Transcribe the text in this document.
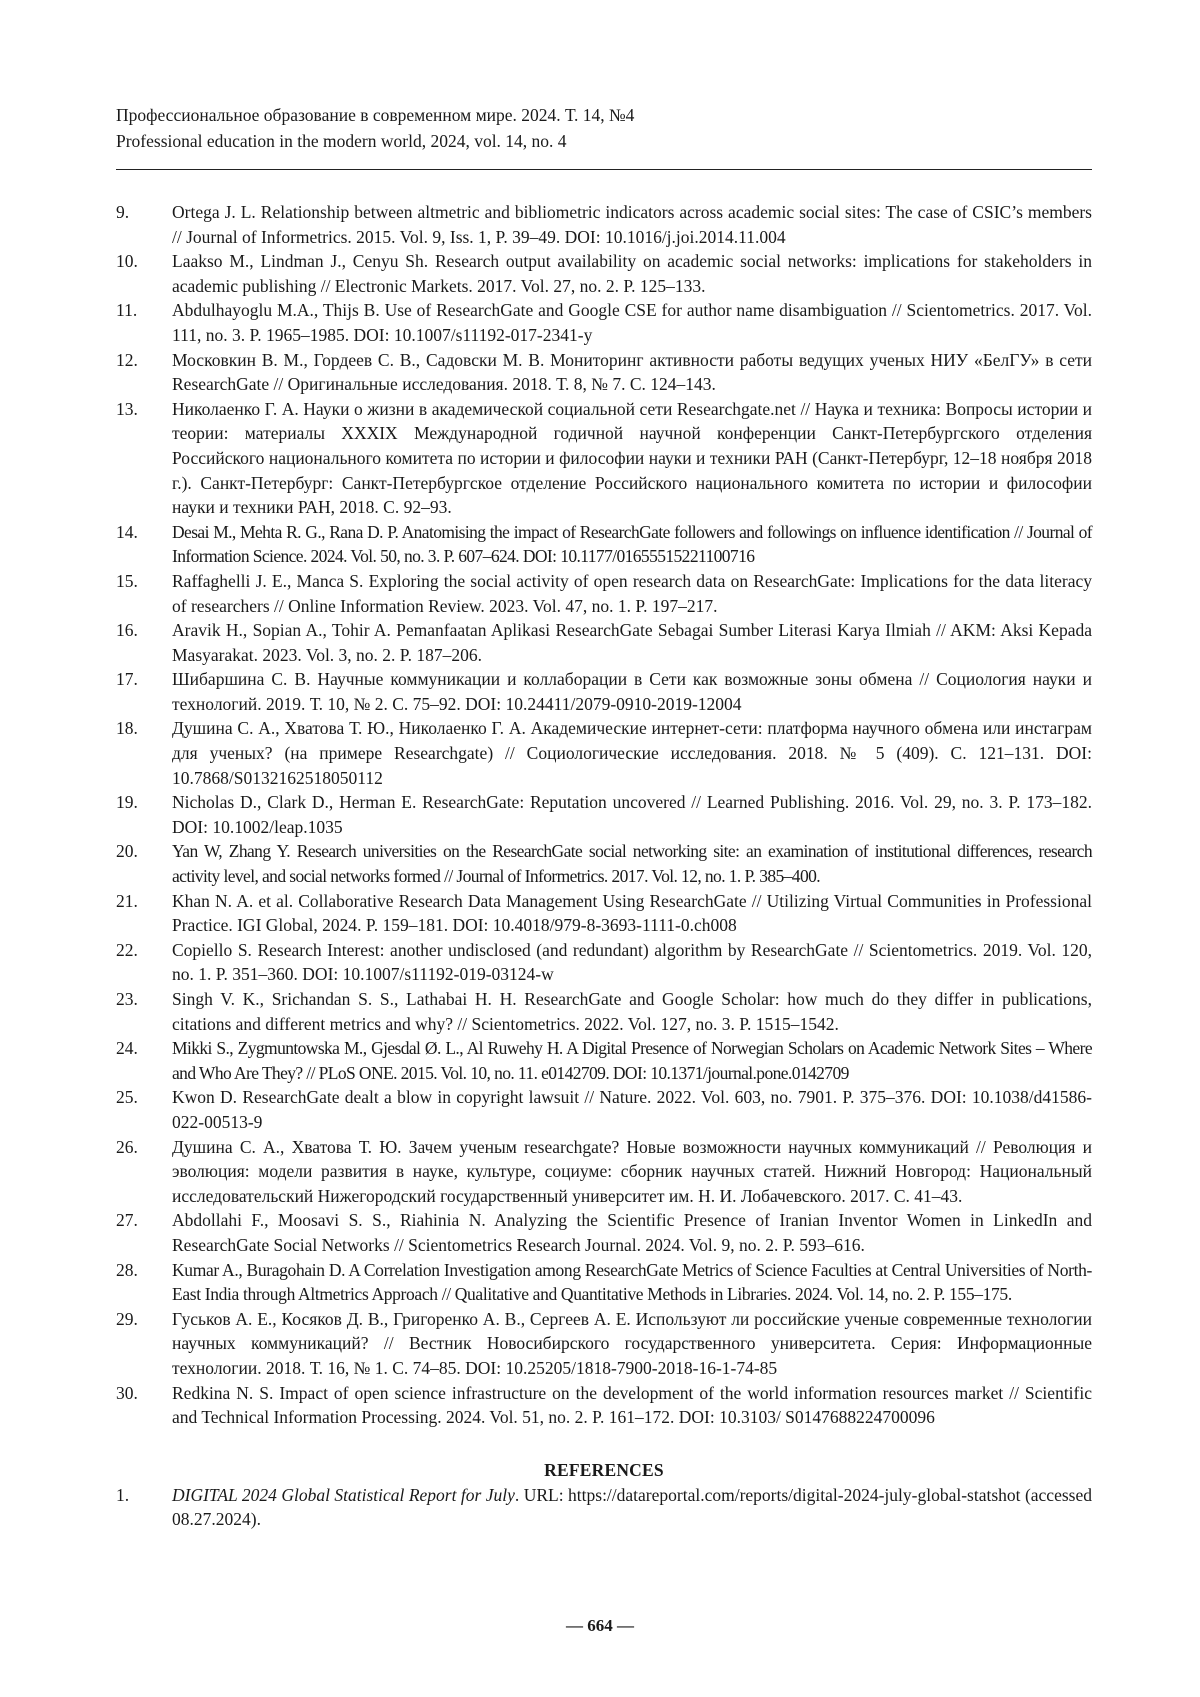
Профессиональное образование в современном мире. 2024. Т. 14, №4
Professional education in the modern world, 2024, vol. 14, no. 4
9.	Ortega J. L. Relationship between altmetric and bibliometric indicators across academic social sites: The case of CSIC’s members // Journal of Informetrics. 2015. Vol. 9, Iss. 1, P. 39–49. DOI: 10.1016/j.joi.2014.11.004
10.	Laakso M., Lindman J., Cenyu Sh. Research output availability on academic social networks: implications for stakeholders in academic publishing // Electronic Markets. 2017. Vol. 27, no. 2. P. 125–133.
11.	Abdulhayoglu M.A., Thijs B. Use of ResearchGate and Google CSE for author name disambiguation // Scientometrics. 2017. Vol. 111, no. 3. P. 1965–1985. DOI: 10.1007/s11192-017-2341-y
12.	Московкин В. М., Гордеев С. В., Садовски М. В. Мониторинг активности работы ведущих ученых НИУ «БелГУ» в сети ResearchGate // Оригинальные исследования. 2018. Т. 8, № 7. С. 124–143.
13.	Николаенко Г. А. Науки о жизни в академической социальной сети Researchgate.net // Наука и техника: Во­просы истории и теории: материалы XXXIX Международной годичной научной конференции Санкт-Пе­тербургского отделения Российского национального комитета по истории и философии науки и техники РАН (Санкт-Петербург, 12–18 ноября 2018 г.). Санкт-Петербург: Санкт-Петербургское отделение Россий­ского национального комитета по истории и философии науки и техники РАН, 2018. С. 92–93.
14.	Desai M., Mehta R. G., Rana D. P. Anatomising the impact of ResearchGate followers and followings on influence identification // Journal of Information Science. 2024. Vol. 50, no. 3. P. 607–624. DOI: 10.1177/01655515221100716
15.	Raffaghelli J. E., Manca S. Exploring the social activity of open research data on ResearchGate: Implications for the data literacy of researchers // Online Information Review. 2023. Vol. 47, no. 1. P. 197–217.
16.	Aravik H., Sopian A., Tohir A. Pemanfaatan Aplikasi ResearchGate Sebagai Sumber Literasi Karya Ilmiah // AKM: Aksi Kepada Masyarakat. 2023. Vol. 3, no. 2. P. 187–206.
17.	Шибаршина С. В. Научные коммуникации и коллаборации в Сети как возможные зоны обмена // Социоло­гия науки и технологий. 2019. Т. 10, № 2. С. 75–92. DOI: 10.24411/2079-0910-2019-12004
18.	Душина С. А., Хватова Т. Ю., Николаенко Г. А. Академические интернет-сети: платформа научного обмена или инстаграм для ученых? (на примере Researchgate) // Социологические исследования. 2018. № 5 (409). С. 121–131. DOI: 10.7868/S0132162518050112
19.	Nicholas D., Clark D., Herman E. ResearchGate: Reputation uncovered // Learned Publishing. 2016. Vol. 29, no. 3. P. 173–182. DOI: 10.1002/leap.1035
20.	Yan W, Zhang Y. Research universities on the ResearchGate social networking site: an examination of institutional differences, research activity level, and social networks formed // Journal of Informetrics. 2017. Vol. 12, no. 1. P. 385–400.
21.	Khan N. A. et al. Collaborative Research Data Management Using ResearchGate // Utilizing Virtual Communities in Professional Practice. IGI Global, 2024. P. 159–181. DOI: 10.4018/979-8-3693-1111-0.ch008
22.	Copiello S. Research Interest: another undisclosed (and redundant) algorithm by ResearchGate // Scientometrics. 2019. Vol. 120, no. 1. P. 351–360. DOI: 10.1007/s11192-019-03124-w
23.	Singh V. K., Srichandan S. S., Lathabai H. H. ResearchGate and Google Scholar: how much do they differ in publications, citations and different metrics and why? // Scientometrics. 2022. Vol. 127, no. 3. P. 1515–1542.
24.	Mikki S., Zygmuntowska M., Gjesdal Ø. L., Al Ruwehy H. A Digital Presence of Norwegian Scholars on Academic Network Sites – Where and Who Are They? // PLoS ONE. 2015. Vol. 10, no. 11. e0142709. DOI: 10.1371/journal.pone.0142709
25.	Kwon D. ResearchGate dealt a blow in copyright lawsuit // Nature. 2022. Vol. 603, no. 7901. P. 375–376. DOI: 10.1038/d41586-022-00513-9
26.	Душина С. А., Хватова Т. Ю. Зачем ученым researchgate? Новые возможности научных коммуникаций // Революция и эволюция: модели развития в науке, культуре, социуме: сборник научных статей. Нижний Новгород: Национальный исследовательский Нижегородский государственный университет им. Н. И. Ло­бачевского. 2017. С. 41–43.
27.	Abdollahi F., Moosavi S. S., Riahinia N. Analyzing the Scientific Presence of Iranian Inventor Women in LinkedIn and ResearchGate Social Networks // Scientometrics Research Journal. 2024. Vol. 9, no. 2. P. 593–616.
28.	Kumar A., Buragohain D. A Correlation Investigation among ResearchGate Metrics of Science Faculties at Central Universities of North-East India through Altmetrics Approach // Qualitative and Quantitative Methods in Libraries. 2024. Vol. 14, no. 2. P. 155–175.
29.	Гуськов А. Е., Косяков Д. В., Григоренко А. В., Сергеев А. Е. Используют ли российские ученые совре­менные технологии научных коммуникаций? // Вестник Новосибирского государственного университета. Серия: Информационные технологии. 2018. Т. 16, № 1. С. 74–85. DOI: 10.25205/1818-7900-2018-16-1-74-85
30.	Redkina N. S. Impact of open science infrastructure on the development of the world information resources market // Scientific and Technical Information Processing. 2024. Vol. 51, no. 2. P. 161–172. DOI: 10.3103/ S0147688224700096
REFERENCES
1.	DIGITAL 2024 Global Statistical Report for July. URL: https://datareportal.com/reports/digital-2024-july-glob­al-statshot (accessed 08.27.2024).
— 664 —
